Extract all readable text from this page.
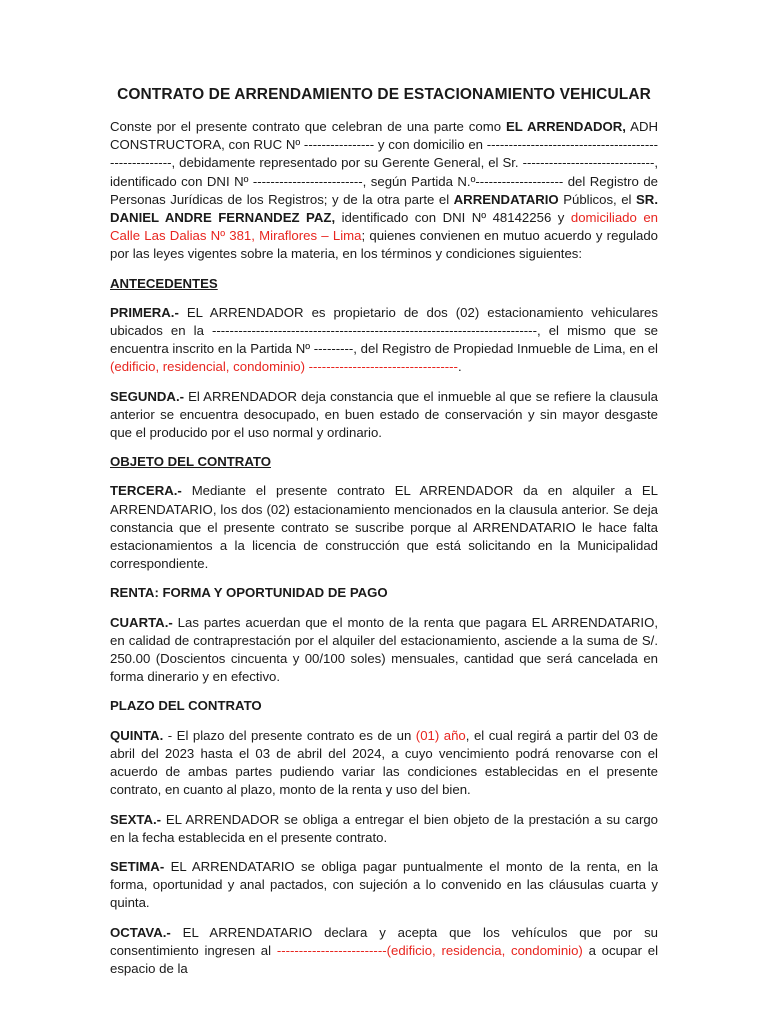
CONTRATO DE ARRENDAMIENTO DE ESTACIONAMIENTO VEHICULAR

Conste por el presente contrato que celebran de una parte como EL ARRENDADOR, ADH CONSTRUCTORA, con RUC Nº ---------------- y con domicilio en -----------------------------------------------------, debidamente representado por su Gerente General, el Sr. ------------------------------, identificado con DNI Nº -------------------------, según Partida N.º-------------------- del Registro de Personas Jurídicas de los Registros; y de la otra parte el ARRENDATARIO Públicos, el SR. DANIEL ANDRE FERNANDEZ PAZ, identificado con DNI Nº 48142256 y domiciliado en Calle Las Dalias Nº 381, Miraflores – Lima; quienes convienen en mutuo acuerdo y regulado por las leyes vigentes sobre la materia, en los términos y condiciones siguientes:

ANTECEDENTES

PRIMERA.- EL ARRENDADOR es propietario de dos (02) estacionamiento vehiculares ubicados en la --------------------------------------------------------------------------, el mismo que se encuentra inscrito en la Partida Nº ---------, del Registro de Propiedad Inmueble de Lima, en el (edificio, residencial, condominio) ----------------------------------.

SEGUNDA.- El ARRENDADOR deja constancia que el inmueble al que se refiere la clausula anterior se encuentra desocupado, en buen estado de conservación y sin mayor desgaste que el producido por el uso normal y ordinario.

OBJETO DEL CONTRATO

TERCERA.- Mediante el presente contrato EL ARRENDADOR da en alquiler a EL ARRENDATARIO, los dos (02) estacionamiento mencionados en la clausula anterior. Se deja constancia que el presente contrato se suscribe porque al ARRENDATARIO le hace falta estacionamientos a la licencia de construcción que está solicitando en la Municipalidad correspondiente.

RENTA: FORMA Y OPORTUNIDAD DE PAGO

CUARTA.- Las partes acuerdan que el monto de la renta que pagara EL ARRENDATARIO, en calidad de contraprestación por el alquiler del estacionamiento, asciende a la suma de S/. 250.00 (Doscientos cincuenta y 00/100 soles) mensuales, cantidad que será cancelada en forma dinerario y en efectivo.

PLAZO DEL CONTRATO

QUINTA. - El plazo del presente contrato es de un (01) año, el cual regirá a partir del 03 de abril del 2023 hasta el 03 de abril del 2024, a cuyo vencimiento podrá renovarse con el acuerdo de ambas partes pudiendo variar las condiciones establecidas en el presente contrato, en cuanto al plazo, monto de la renta y uso del bien.

SEXTA.- EL ARRENDADOR se obliga a entregar el bien objeto de la prestación a su cargo en la fecha establecida en el presente contrato.

SETIMA- EL ARRENDATARIO se obliga pagar puntualmente el monto de la renta, en la forma, oportunidad y anal pactados, con sujeción a lo convenido en las cláusulas cuarta y quinta.

OCTAVA.- EL ARRENDATARIO declara y acepta que los vehículos que por su consentimiento ingresen al -------------------------(edificio, residencia, condominio) a ocupar el espacio de la
